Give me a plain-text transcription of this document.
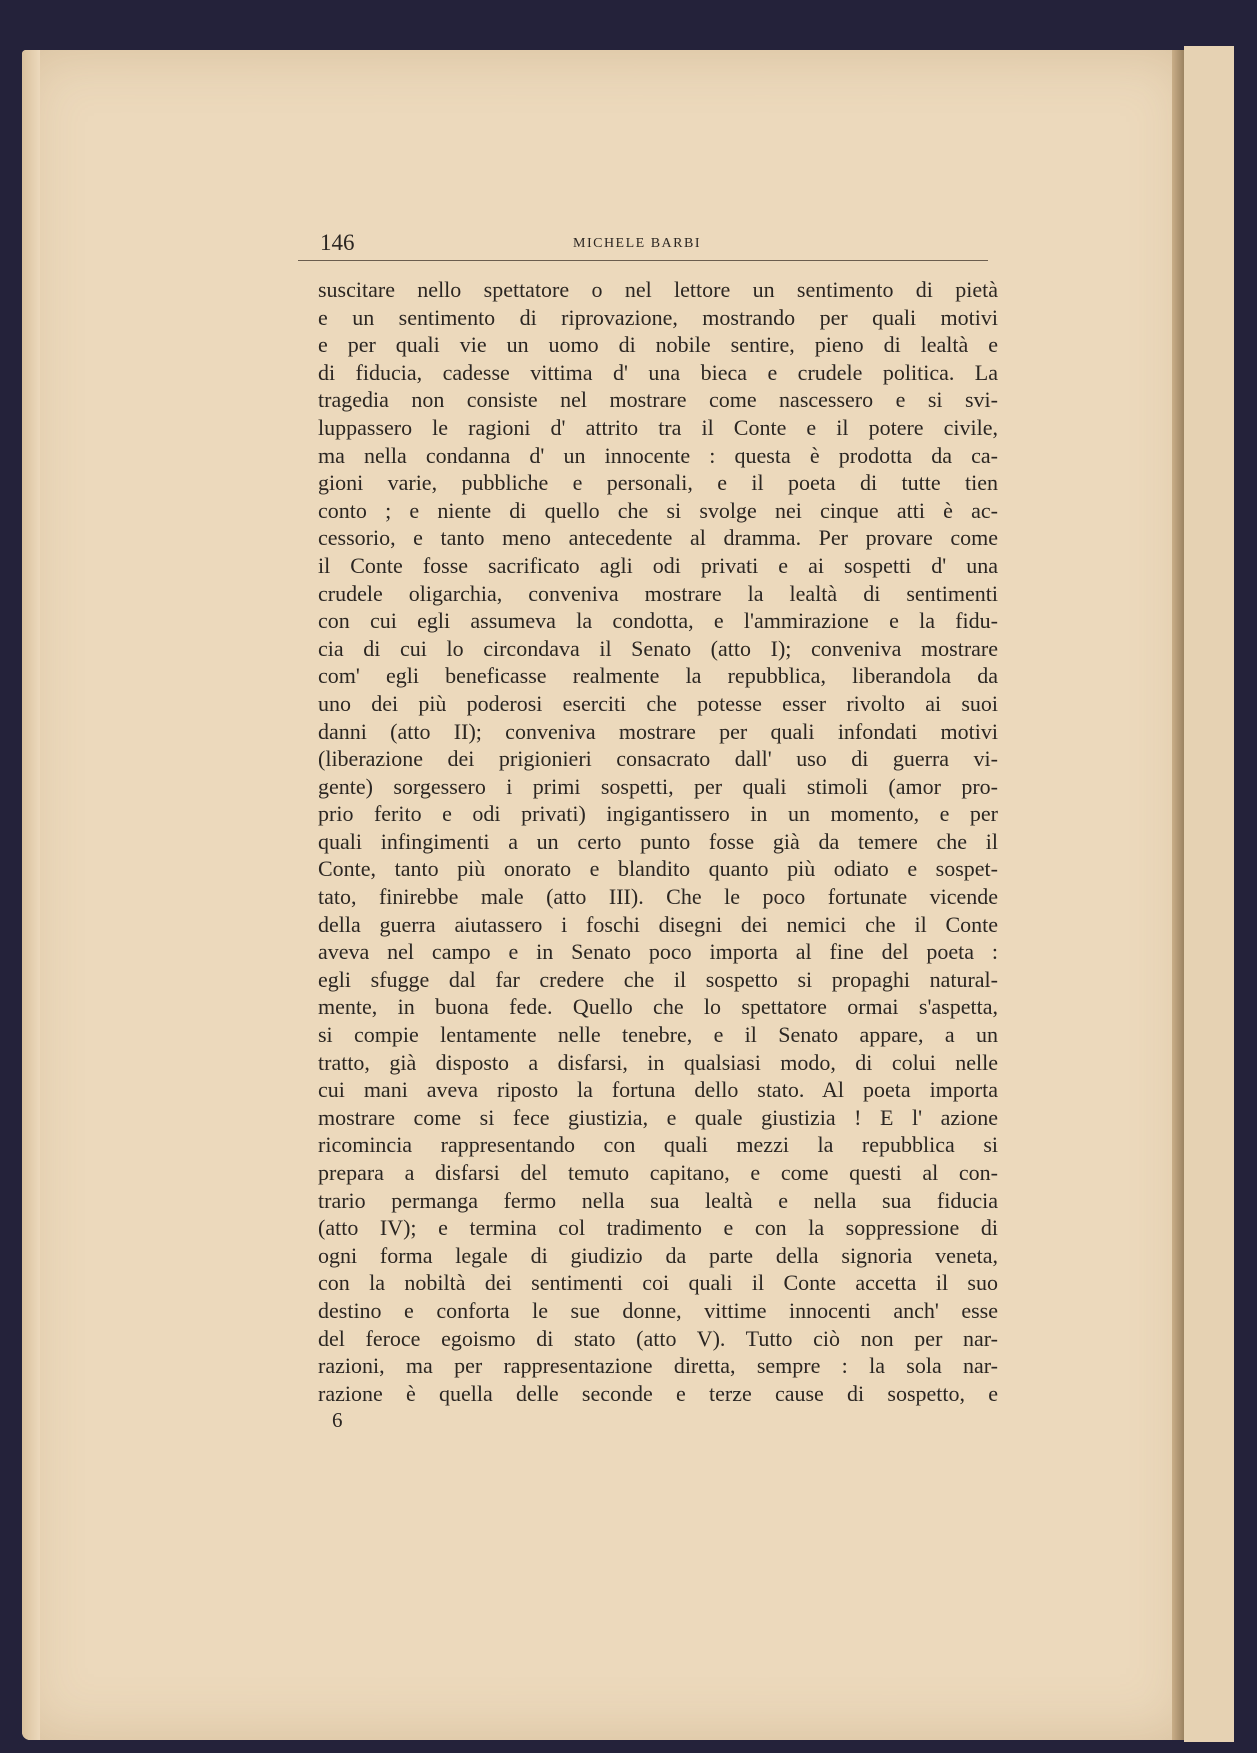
146	MICHELE BARBI
suscitare nello spettatore o nel lettore un sentimento di pietà
e un sentimento di riprovazione, mostrando per quali motivi
e per quali vie un uomo di nobile sentire, pieno di lealtà e
di fiducia, cadesse vittima d' una bieca e crudele politica. La
tragedia non consiste nel mostrare come nascessero e si svi-
luppassero le ragioni d' attrito tra il Conte e il potere civile,
ma nella condanna d' un innocente : questa è prodotta da ca-
gioni varie, pubbliche e personali, e il poeta di tutte tien
conto ; e niente di quello che si svolge nei cinque atti è ac-
cessorio, e tanto meno antecedente al dramma. Per provare come
il Conte fosse sacrificato agli odi privati e ai sospetti d' una
crudele oligarchia, conveniva mostrare la lealtà di sentimenti
con cui egli assumeva la condotta, e l'ammirazione e la fidu-
cia di cui lo circondava il Senato (atto I); conveniva mostrare
com' egli beneficasse realmente la repubblica, liberandola da
uno dei più poderosi eserciti che potesse esser rivolto ai suoi
danni (atto II); conveniva mostrare per quali infondati motivi
(liberazione dei prigionieri consacrato dall' uso di guerra vi-
gente) sorgessero i primi sospetti, per quali stimoli (amor pro-
prio ferito e odi privati) ingigantissero in un momento, e per
quali infingimenti a un certo punto fosse già da temere che il
Conte, tanto più onorato e blandito quanto più odiato e sospet-
tato, finirebbe male (atto III). Che le poco fortunate vicende
della guerra aiutassero i foschi disegni dei nemici che il Conte
aveva nel campo e in Senato poco importa al fine del poeta :
egli sfugge dal far credere che il sospetto si propaghi natural-
mente, in buona fede. Quello che lo spettatore ormai s'aspetta,
si compie lentamente nelle tenebre, e il Senato appare, a un
tratto, già disposto a disfarsi, in qualsiasi modo, di colui nelle
cui mani aveva riposto la fortuna dello stato. Al poeta importa
mostrare come si fece giustizia, e quale giustizia ! E l' azione
ricomincia rappresentando con quali mezzi la repubblica si
prepara a disfarsi del temuto capitano, e come questi al con-
trario permanga fermo nella sua lealtà e nella sua fiducia
(atto IV); e termina col tradimento e con la soppressione di
ogni forma legale di giudizio da parte della signoria veneta,
con la nobiltà dei sentimenti coi quali il Conte accetta il suo
destino e conforta le sue donne, vittime innocenti anch' esse
del feroce egoismo di stato (atto V). Tutto ciò non per nar-
razioni, ma per rappresentazione diretta, sempre : la sola nar-
razione è quella delle seconde e terze cause di sospetto, e
6
